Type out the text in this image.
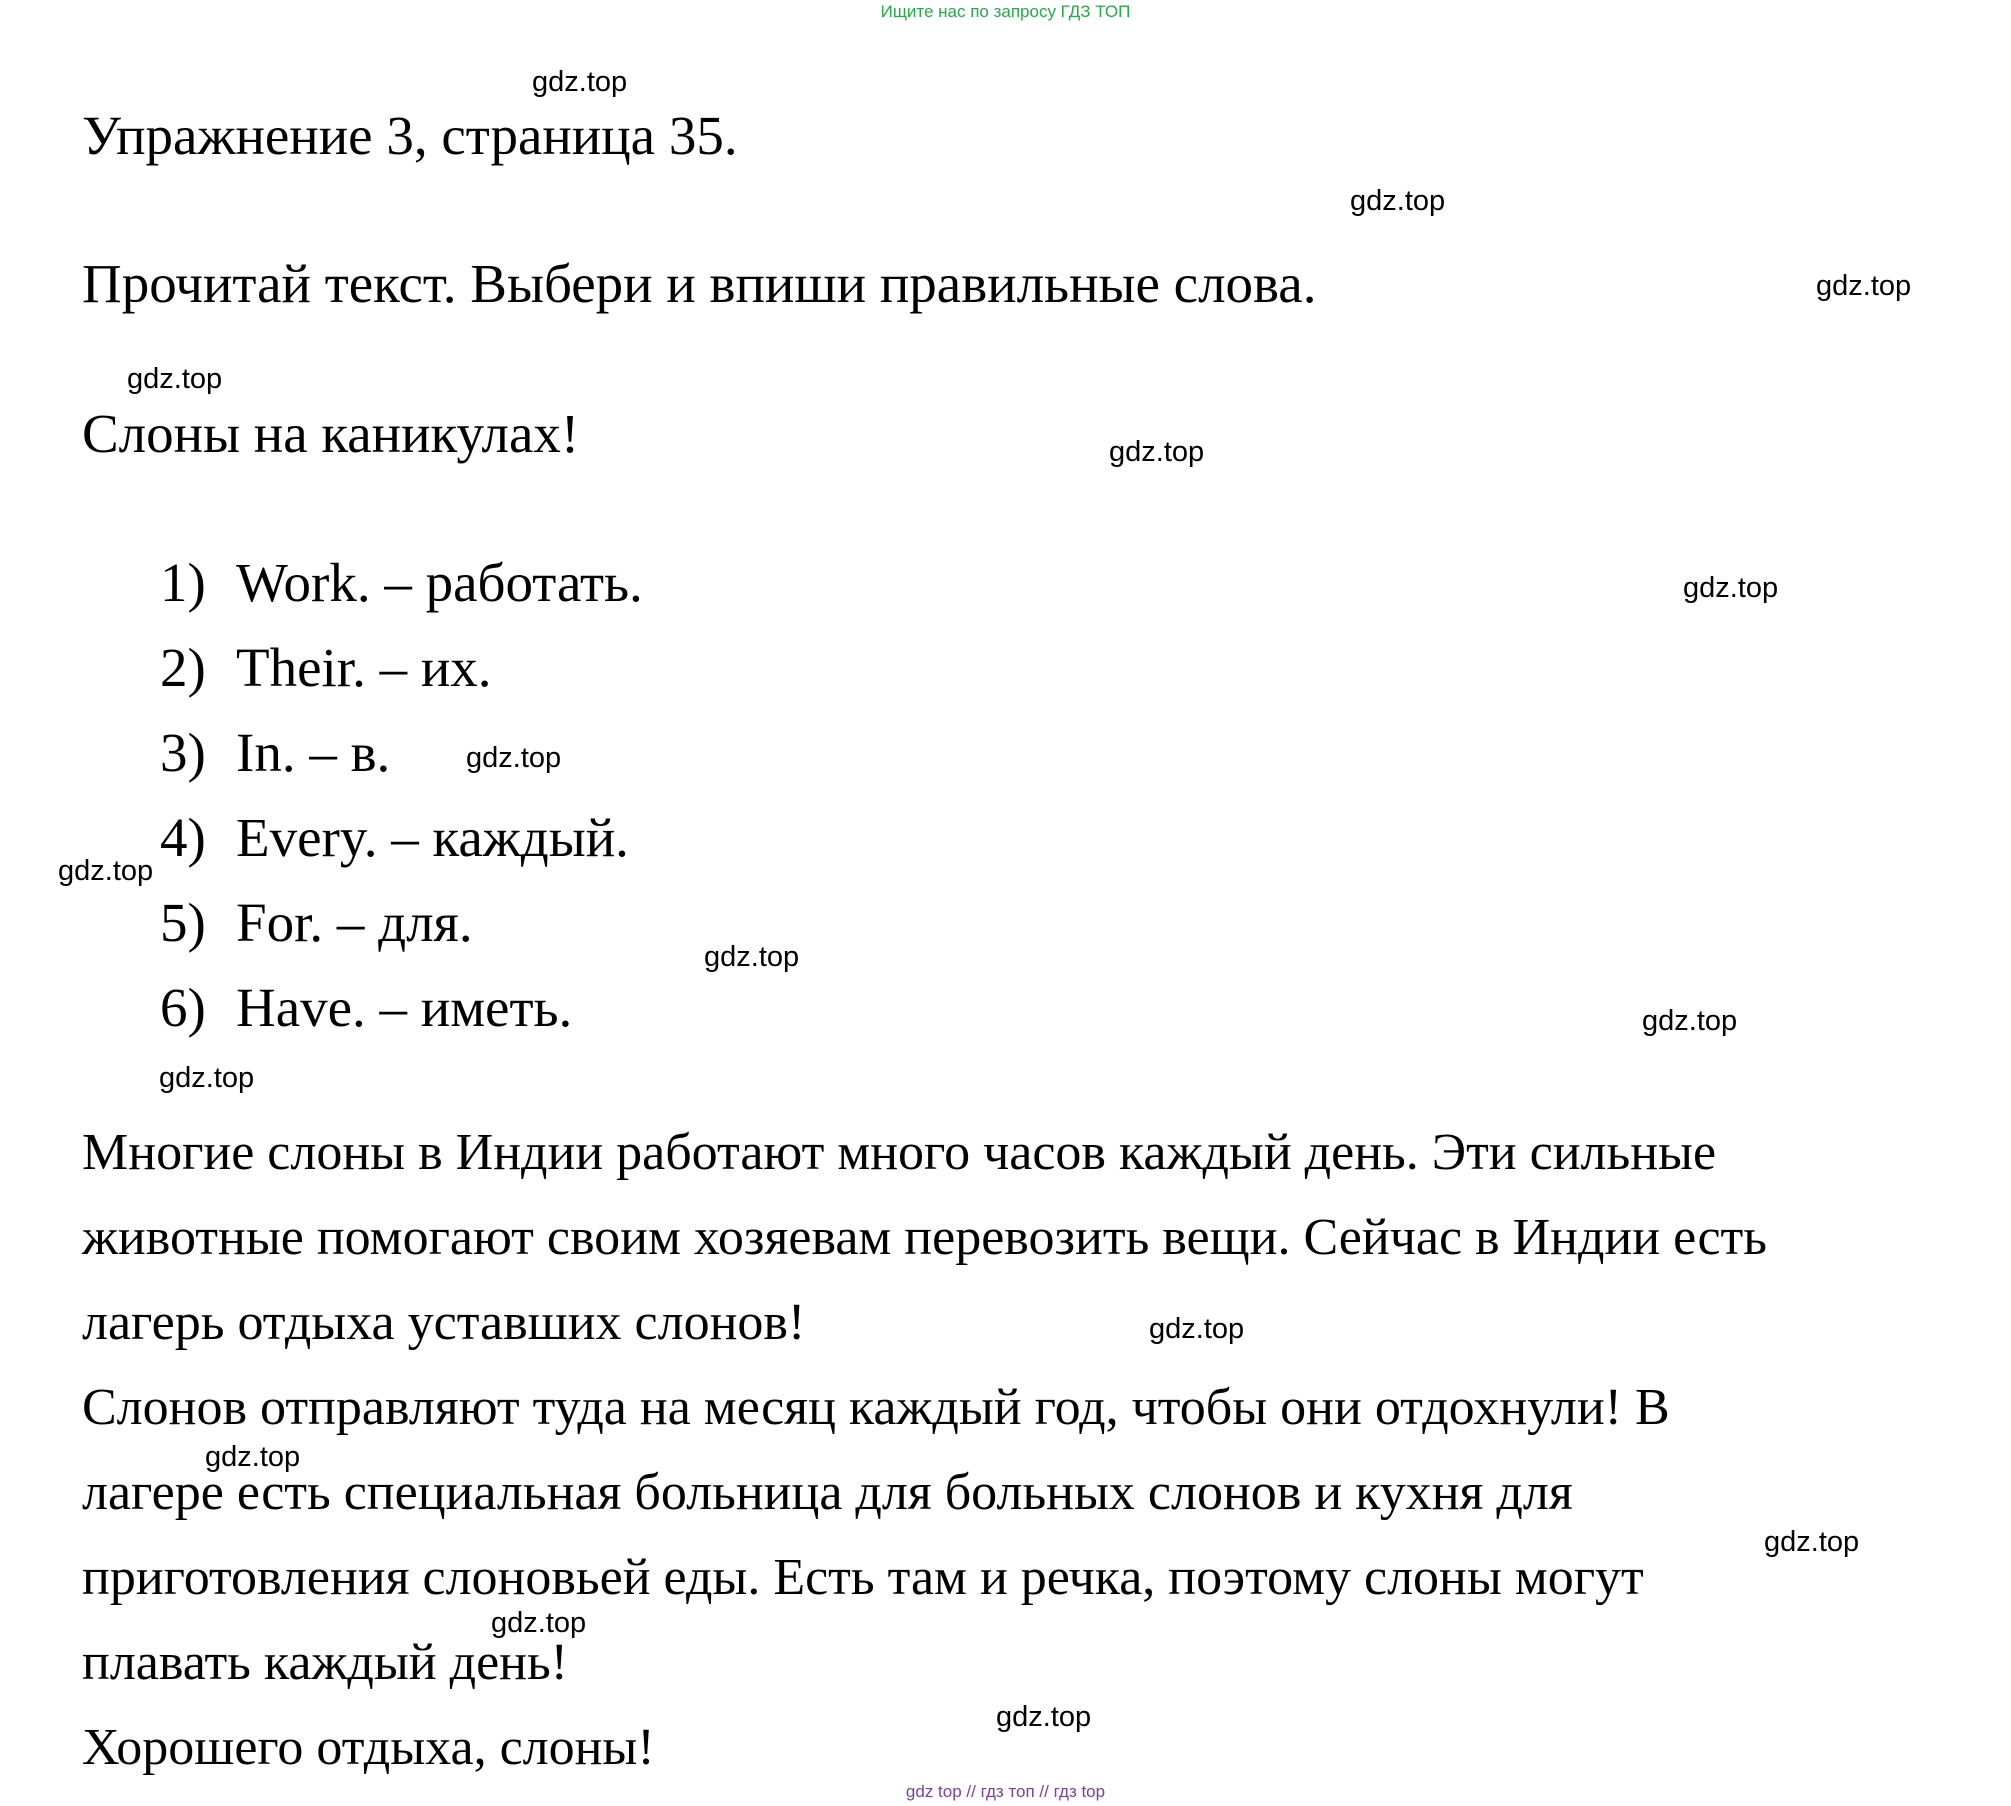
Ищите нас по запросу ГДЗ ТОП
Упражнение 3, страница 35.
Прочитай текст. Выбери и впиши правильные слова.
Слоны на каникулах!
1) Work. – работать.
2) Their. – их.
3) In. – в.
4) Every. – каждый.
5) For. – для.
6) Have. – иметь.
Многие слоны в Индии работают много часов каждый день. Эти сильные
животные помогают своим хозяевам перевозить вещи. Сейчас в Индии есть
лагерь отдыха уставших слонов!
Слонов отправляют туда на месяц каждый год, чтобы они отдохнули! В
лагере есть специальная больница для больных слонов и кухня для
приготовления слоновьей еды. Есть там и речка, поэтому слоны могут
плавать каждый день!
Хорошего отдыха, слоны!
gdz.top
gdz.top
gdz.top
gdz.top
gdz.top
gdz.top
gdz.top
gdz.top
gdz.top
gdz.top
gdz.top
gdz.top
gdz.top
gdz.top
gdz.top
gdz.top
gdz top // гдз топ // гдз top
